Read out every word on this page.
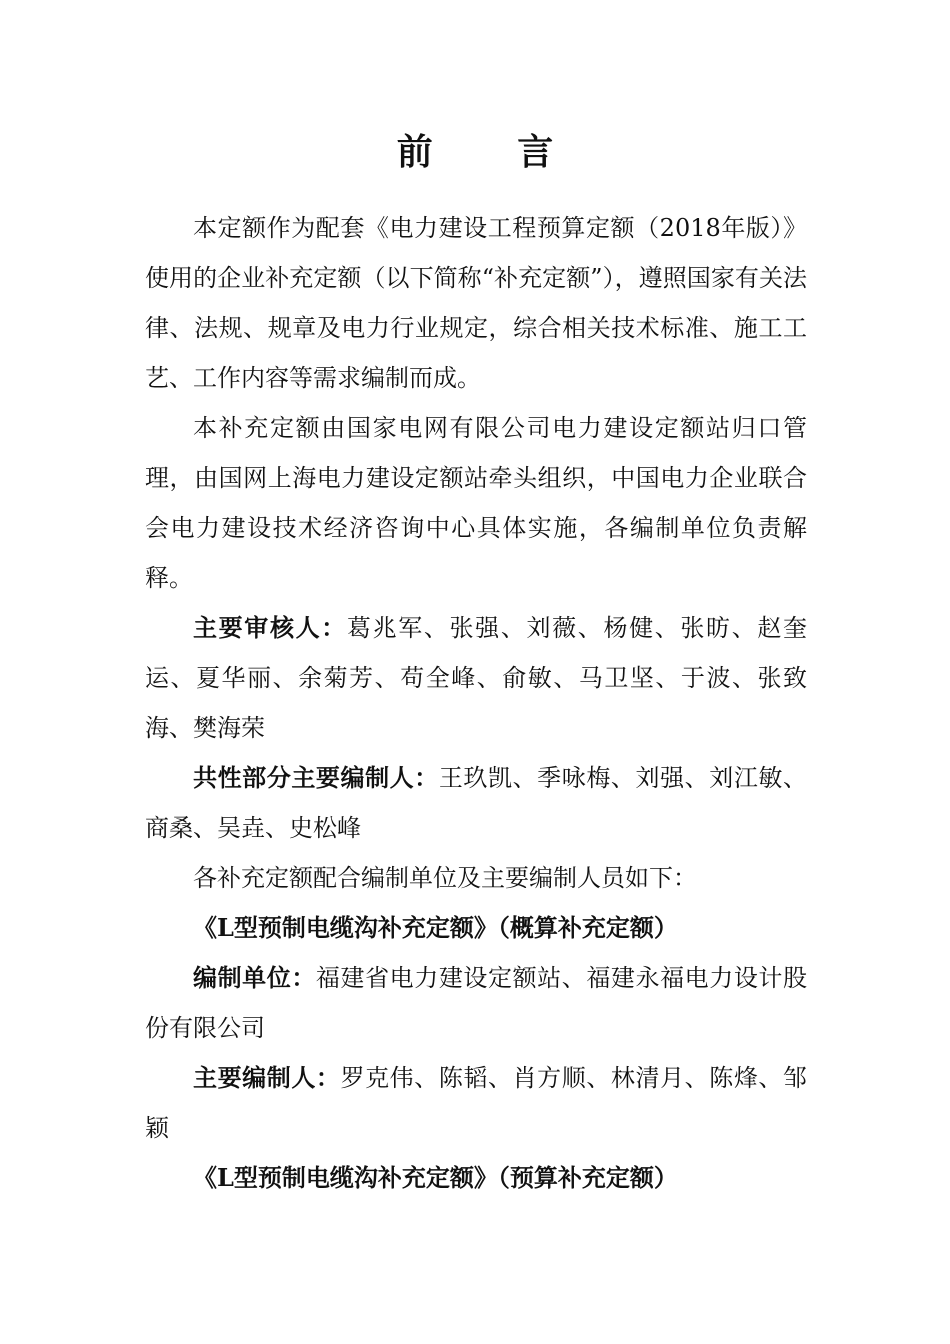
前 言

本定额作为配套《电力建设工程预算定额（2018年版）》使用的企业补充定额（以下简称“补充定额”），遵照国家有关法律、法规、规章及电力行业规定，综合相关技术标准、施工工艺、工作内容等需求编制而成。

本补充定额由国家电网有限公司电力建设定额站归口管理，由国网上海电力建设定额站牵头组织，中国电力企业联合会电力建设技术经济咨询中心具体实施，各编制单位负责解释。

主要审核人：葛兆军、张强、刘薇、杨健、张昉、赵奎运、夏华丽、余菊芳、苟全峰、俞敏、马卫坚、于波、张致海、樊海荣

共性部分主要编制人：王玖凯、季咏梅、刘强、刘江敏、商桑、吴垚、史松峰

各补充定额配合编制单位及主要编制人员如下：

《L型预制电缆沟补充定额》（概算补充定额）

编制单位：福建省电力建设定额站、福建永福电力设计股份有限公司

主要编制人：罗克伟、陈韬、肖方顺、林清月、陈烽、邹颖

《L型预制电缆沟补充定额》（预算补充定额）
